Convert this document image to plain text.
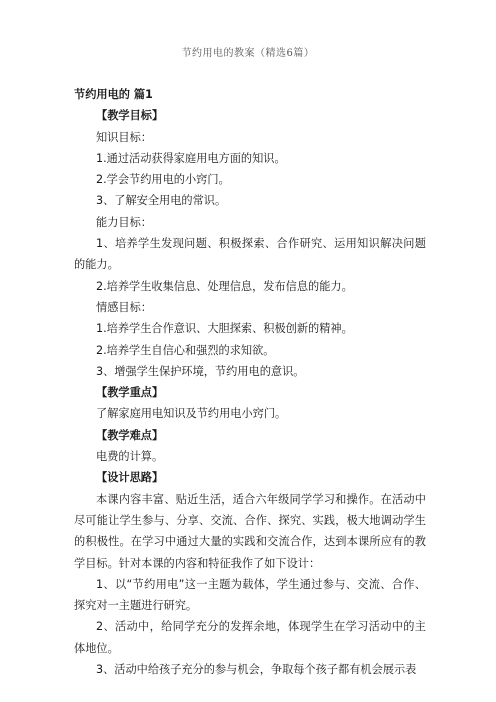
节约用电的教案（精选6篇）
节约用电的 篇1
【教学目标】
知识目标：
1.通过活动获得家庭用电方面的知识。
2.学会节约用电的小窍门。
3、了解安全用电的常识。
能力目标：
1、培养学生发现问题、积极探索、合作研究、运用知识解决问题的能力。
2.培养学生收集信息、处理信息，发布信息的能力。
情感目标：
1.培养学生合作意识、大胆探索、积极创新的精神。
2.培养学生自信心和强烈的求知欲。
3、增强学生保护环境，节约用电的意识。
【教学重点】
了解家庭用电知识及节约用电小窍门。
【教学难点】
电费的计算。
【设计思路】
本课内容丰富、贴近生活，适合六年级同学学习和操作。在活动中尽可能让学生参与、分享、交流、合作、探究、实践，极大地调动学生的积极性。在学习中通过大量的实践和交流合作，达到本课所应有的教学目标。针对本课的内容和特征我作了如下设计：
1、以“节约用电”这一主题为载体，学生通过参与、交流、合作、探究对一主题进行研究。
2、活动中，给同学充分的发挥余地，体现学生在学习活动中的主体地位。
3、活动中给孩子充分的参与机会，争取每个孩子都有机会展示表
